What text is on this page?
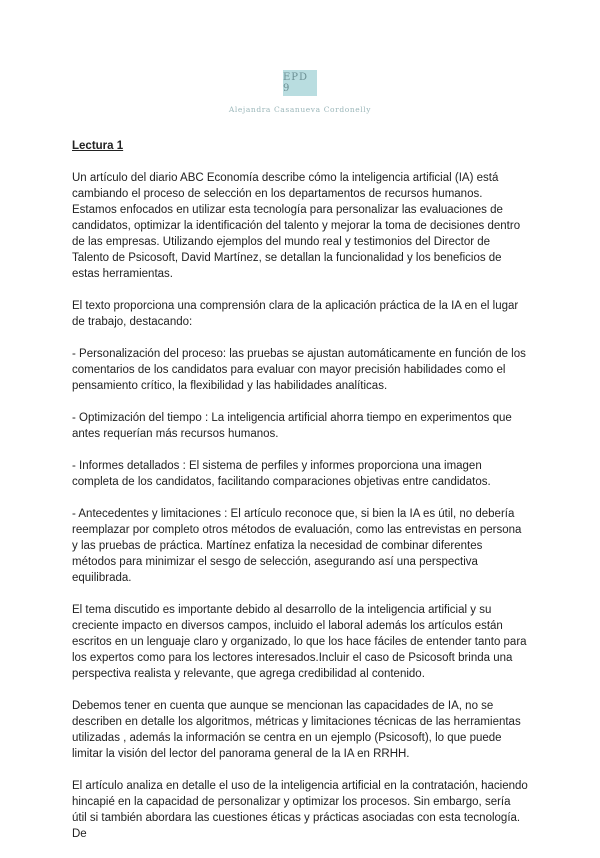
EPD 9
Alejandra Casanueva Cordonelly
Lectura 1

Un artículo del diario ABC Economía describe cómo la inteligencia artificial (IA) está cambiando el proceso de selección en los departamentos de recursos humanos. Estamos enfocados en utilizar esta tecnología para personalizar las evaluaciones de candidatos, optimizar la identificación del talento y mejorar la toma de decisiones dentro de las empresas. Utilizando ejemplos del mundo real y testimonios del Director de Talento de Psicosoft, David Martínez, se detallan la funcionalidad y los beneficios de estas herramientas.

El texto proporciona una comprensión clara de la aplicación práctica de la IA en el lugar de trabajo, destacando:

- Personalización del proceso: las pruebas se ajustan automáticamente en función de los comentarios de los candidatos para evaluar con mayor precisión habilidades como el pensamiento crítico, la flexibilidad y las habilidades analíticas.

- Optimización del tiempo : La inteligencia artificial ahorra tiempo en experimentos que antes requerían más recursos humanos.

- Informes detallados : El sistema de perfiles y informes proporciona una imagen completa de los candidatos, facilitando comparaciones objetivas entre candidatos.

- Antecedentes y limitaciones : El artículo reconoce que, si bien la IA es útil, no debería reemplazar por completo otros métodos de evaluación, como las entrevistas en persona y las pruebas de práctica. Martínez enfatiza la necesidad de combinar diferentes métodos para minimizar el sesgo de selección, asegurando así una perspectiva equilibrada.

El tema discutido es importante debido al desarrollo de la inteligencia artificial y su creciente impacto en diversos campos, incluido el laboral además los artículos están escritos en un lenguaje claro y organizado, lo que los hace fáciles de entender tanto para los expertos como para los lectores interesados.Incluir el caso de Psicosoft brinda una perspectiva realista y relevante, que agrega credibilidad al contenido.

Debemos tener en cuenta que aunque se mencionan las capacidades de IA, no se describen en detalle los algoritmos, métricas y limitaciones técnicas de las herramientas utilizadas , además la información se centra en un ejemplo (Psicosoft), lo que puede limitar la visión del lector del panorama general de la IA en RRHH.

El artículo analiza en detalle el uso de la inteligencia artificial en la contratación, haciendo hincapié en la capacidad de personalizar y optimizar los procesos. Sin embargo, sería útil si también abordara las cuestiones éticas y prácticas asociadas con esta tecnología. De
